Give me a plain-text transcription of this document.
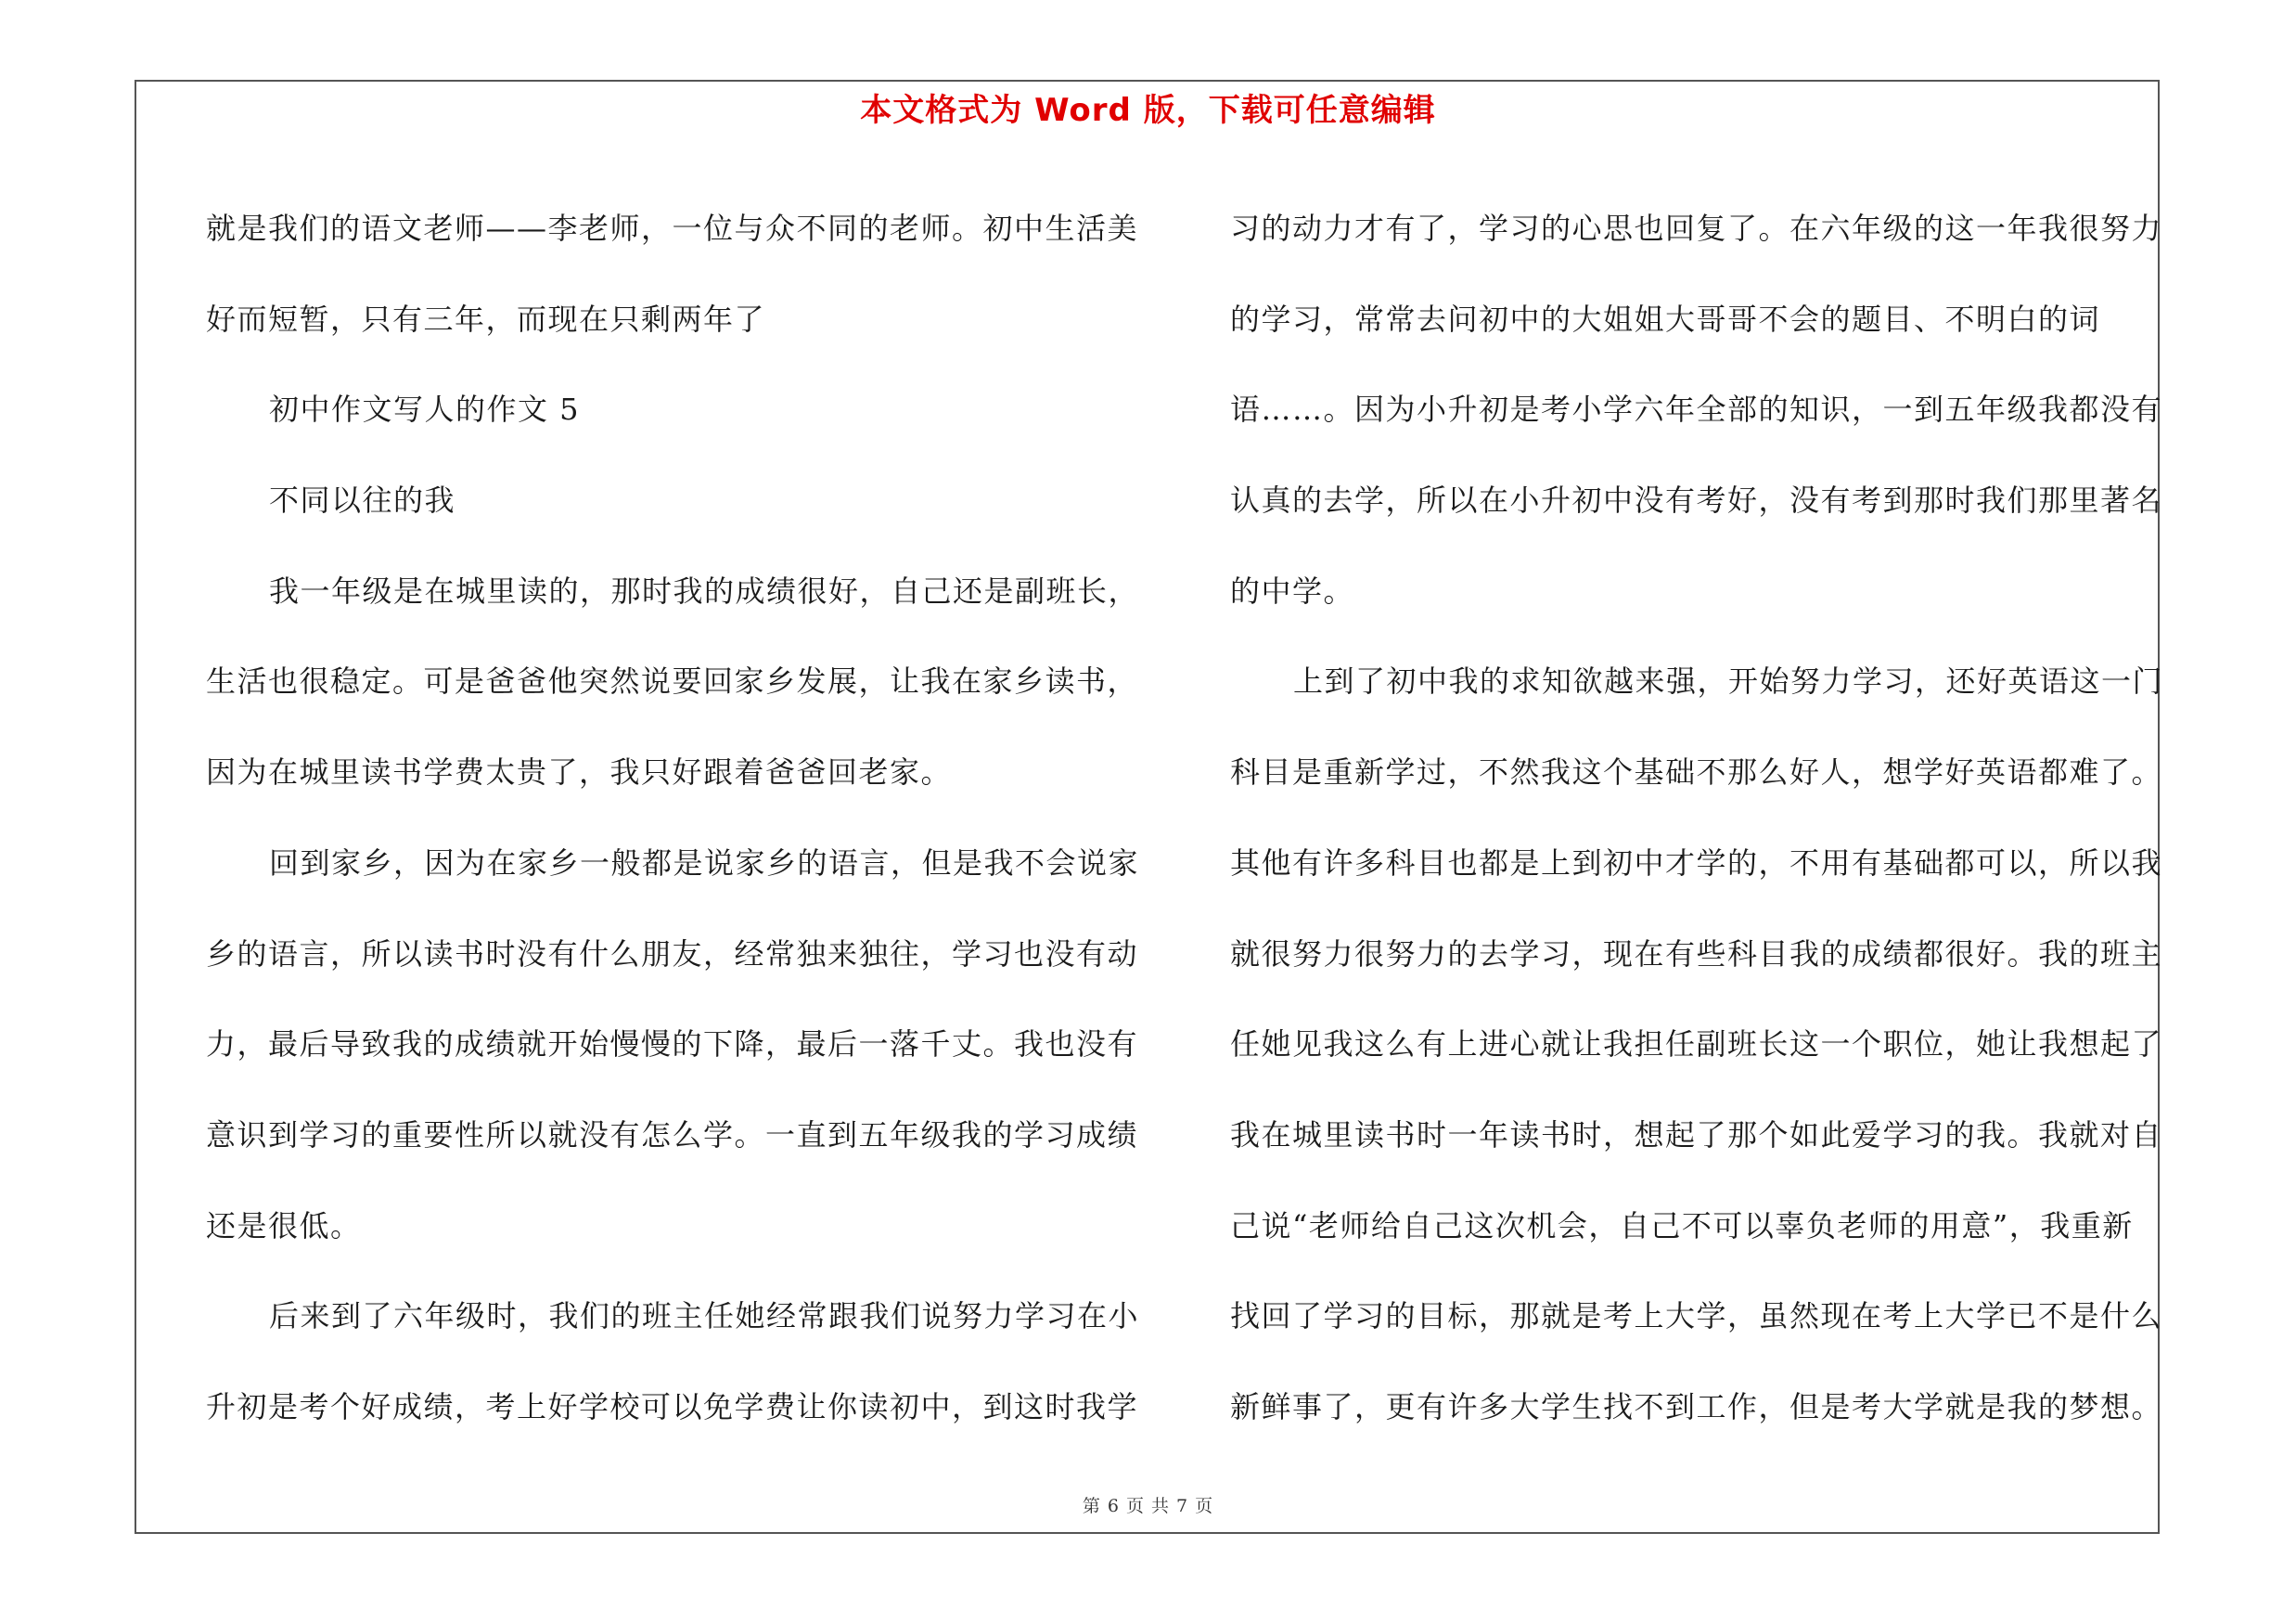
本文格式为 Word 版，下载可任意编辑
就是我们的语文老师——李老师，一位与众不同的老师。初中生活美
好而短暂，只有三年，而现在只剩两年了
初中作文写人的作文 5
不同以往的我
我一年级是在城里读的，那时我的成绩很好，自己还是副班长，
生活也很稳定。可是爸爸他突然说要回家乡发展，让我在家乡读书，
因为在城里读书学费太贵了，我只好跟着爸爸回老家。
回到家乡，因为在家乡一般都是说家乡的语言，但是我不会说家
乡的语言，所以读书时没有什么朋友，经常独来独往，学习也没有动
力，最后导致我的成绩就开始慢慢的下降，最后一落千丈。我也没有
意识到学习的重要性所以就没有怎么学。一直到五年级我的学习成绩
还是很低。
后来到了六年级时，我们的班主任她经常跟我们说努力学习在小
升初是考个好成绩，考上好学校可以免学费让你读初中，到这时我学
习的动力才有了，学习的心思也回复了。在六年级的这一年我很努力
的学习，常常去问初中的大姐姐大哥哥不会的题目、不明白的词
语……。因为小升初是考小学六年全部的知识，一到五年级我都没有
认真的去学，所以在小升初中没有考好，没有考到那时我们那里著名
的中学。
上到了初中我的求知欲越来强，开始努力学习，还好英语这一门
科目是重新学过，不然我这个基础不那么好人，想学好英语都难了。
其他有许多科目也都是上到初中才学的，不用有基础都可以，所以我
就很努力很努力的去学习，现在有些科目我的成绩都很好。我的班主
任她见我这么有上进心就让我担任副班长这一个职位，她让我想起了
我在城里读书时一年读书时，想起了那个如此爱学习的我。我就对自
己说“老师给自己这次机会，自己不可以辜负老师的用意”，我重新
找回了学习的目标，那就是考上大学，虽然现在考上大学已不是什么
新鲜事了，更有许多大学生找不到工作，但是考大学就是我的梦想。
第 6 页 共 7 页
